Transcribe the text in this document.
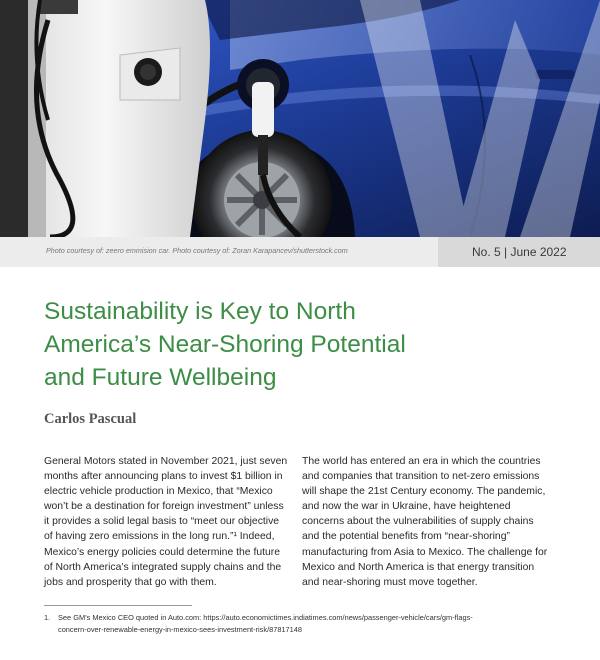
Photo courtesy of: zeero emmision car. Photo courtesy of: Zoran Karapancev/shutterstock.com	No. 5 | June 2022
Sustainability is Key to North
America’s Near-Shoring Potential
and Future Wellbeing
Carlos Pascual
General Motors stated in November 2021, just seven
months after announcing plans to invest $1 billion in
electric vehicle production in Mexico, that “Mexico
won’t be a destination for foreign investment” unless
it provides a solid legal basis to “meet our objective
of having zero emissions in the long run.”¹ Indeed,
Mexico’s energy policies could determine the future
of North America’s integrated supply chains and the
jobs and prosperity that go with them.
The world has entered an era in which the countries
and companies that transition to net-zero emissions
will shape the 21st Century economy. The pandemic,
and now the war in Ukraine, have heightened
concerns about the vulnerabilities of supply chains
and the potential benefits from “near-shoring”
manufacturing from Asia to Mexico. The challenge for
Mexico and North America is that energy transition
and near-shoring must move together.
1. See GM’s Mexico CEO quoted in Auto.com: https://auto.economictimes.indiatimes.com/news/passenger-vehicle/cars/gm-flags-
concern-over-renewable-energy-in-mexico-sees-investment-risk/87817148
